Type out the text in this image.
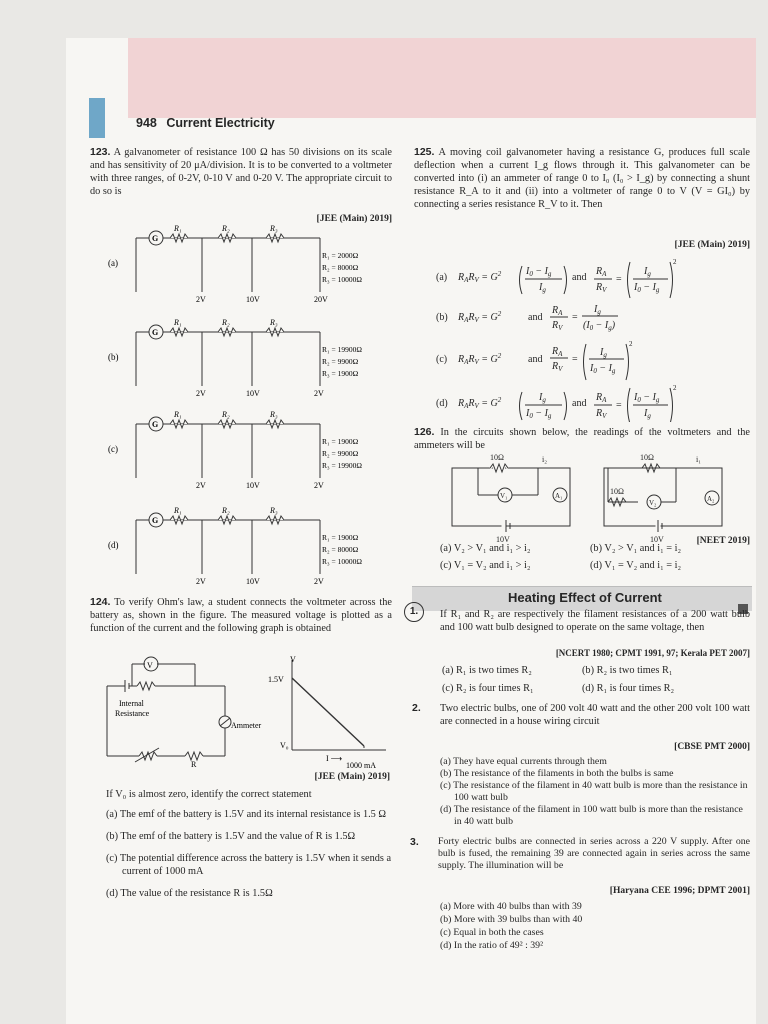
948 Current Electricity
123. A galvanometer of resistance 100 Ω has 50 divisions on its scale and has sensitivity of 20 μA/division. It is to be converted to a voltmeter with three ranges, of 0-2V, 0-10 V and 0-20 V. The appropriate circuit to do so is
[JEE (Main) 2019]
G
R₁	R₂	R₃
2V	10V	20V
(a)
R₁ = 2000Ω
R₂ = 8000Ω
R₃ = 10000Ω
G
R₁	R₂	R₃
2V	10V	2V
(b)
R₁ = 19900Ω
R₂ = 9900Ω
R₃ = 1900Ω
G
R₁	R₂	R₃
2V	10V	2V
(c)
R₁ = 1900Ω
R₂ = 9900Ω
R₃ = 19900Ω
G
R₁	R₂	R₃
2V	10V	2V
(d)
R₁ = 1900Ω
R₂ = 8000Ω
R₃ = 10000Ω
124. To verify Ohm's law, a student connects the voltmeter across the battery as, shown in the figure. The measured voltage is plotted as a function of the current and the following graph is obtained
V
Internal
Resistance
Ammeter
R
V
1.5V
V₀
I ⟶
1000 mA
[JEE (Main) 2019]
If V₀ is almost zero, identify the correct statement
(a) The emf of the battery is 1.5V and its internal resistance is 1.5 Ω
(b) The emf of the battery is 1.5V and the value of R is 1.5Ω
(c) The potential difference across the battery is 1.5V when it sends a current of 1000 mA
(d) The value of the resistance R is 1.5Ω
125. A moving coil galvanometer having a resistance G, produces full scale deflection when a current I_g flows through it. This galvanometer can be converted into (i) an ammeter of range 0 to I₀ (I₀ > I_g) by connecting a shunt resistance R_A to it and (ii) into a voltmeter of range 0 to V (V = GI₀) by connecting a series resistance R_V to it. Then
[JEE (Main) 2019]
(a) $R_AR_V = G^2$ $I_0 - I_g$
$I_g$
and
$R_A$
$R_V$
=
$I_g$
$I_0 - I_g$
2
(b) $R_AR_V = G^2$	and
$R_A$
$R_V$
=
$I_g$
$(I_0 - I_g)$
(c) $R_AR_V = G^2$	and
$R_A$
$R_V$
=
$I_g$
$I_0 - I_g$
2
(d) $R_AR_V = G^2$	$I_g$
$I_0 - I_g$
and
$R_A$
$R_V$
=
$I_0 - I_g$
$I_g$
2
126. In the circuits shown below, the readings of the voltmeters and the ammeters will be
10Ω	i₂
V₁	A₁
10V
10Ω	i₁
10Ω
V₂	A₂
10V	[NEET 2019]
(a) V₂ > V₁ and i₁ > i₂	(b) V₂ > V₁ and i₁ = i₂
(c) V₁ = V₂ and i₁ > i₂	(d) V₁ = V₂ and i₁ = i₂
Heating Effect of Current
1.	If R₁ and R₂ are respectively the filament resistances of a 200 watt bulb and 100 watt bulb designed to operate on the same voltage, then
[NCERT 1980; CPMT 1991, 97; Kerala PET 2007]
(a) R₁ is two times R₂	(b) R₂ is two times R₁
(c) R₂ is four times R₁	(d) R₁ is four times R₂
2. Two electric bulbs, one of 200 volt 40 watt and the other 200 volt 100 watt are connected in a house wiring circuit
[CBSE PMT 2000]
(a) They have equal currents through them
(b) The resistance of the filaments in both the bulbs is same
(c) The resistance of the filament in 40 watt bulb is more than the resistance in 100 watt bulb
(d) The resistance of the filament in 100 watt bulb is more than the resistance in 40 watt bulb
3. Forty electric bulbs are connected in series across a 220 V supply. After one bulb is fused, the remaining 39 are connected again in series across the same supply. The illumination will be
[Haryana CEE 1996; DPMT 2001]
(a) More with 40 bulbs than with 39
(b) More with 39 bulbs than with 40
(c) Equal in both the cases
(d) In the ratio of 49² : 39²
